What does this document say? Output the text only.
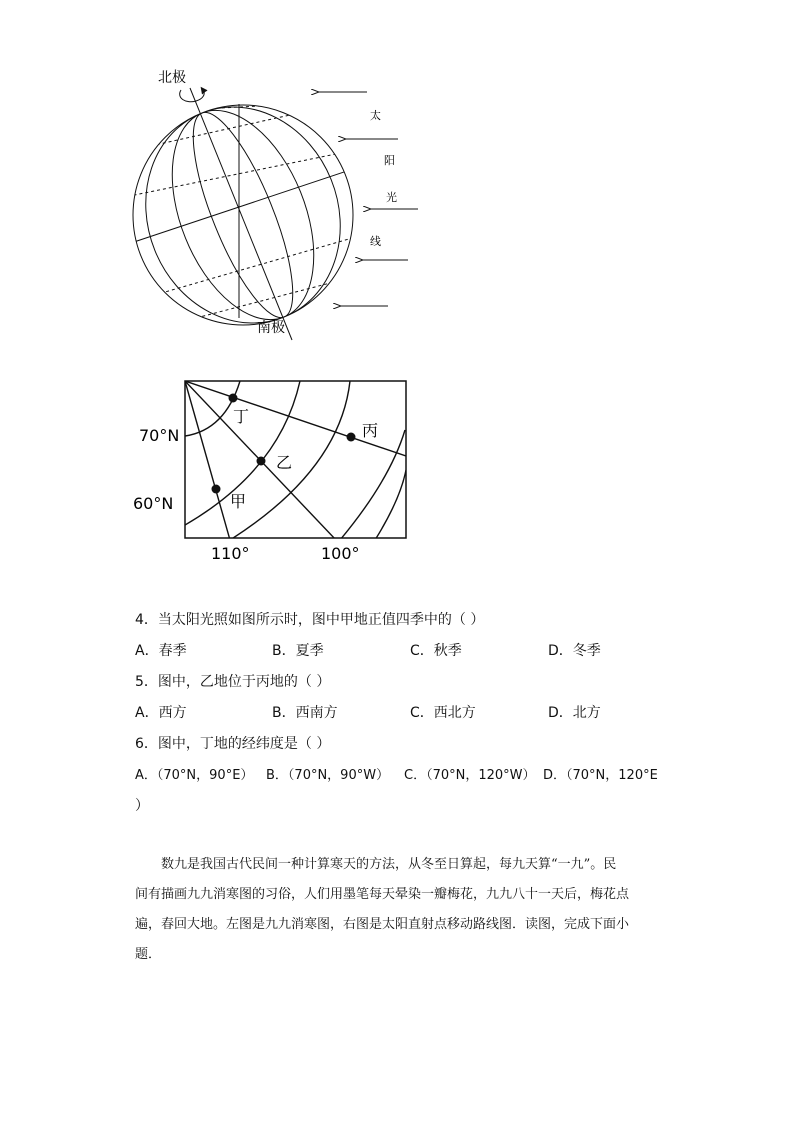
北极
南极
太
阳
光
线
丁
丙
乙
甲
70°N
60°N
110°	100°
4．当太阳光照如图所示时，图中甲地正值四季中的（ ）
A．春季	B．夏季	C．秋季	D．冬季
5．图中，乙地位于丙地的（ ）
A．西方	B．西南方	C．西北方	D．北方
6．图中，丁地的经纬度是（ ）
A．（70°N，90°E） B．（70°N，90°W） C．（70°N，120°W） D．（70°N，120°E
）
数九是我国古代民间一种计算寒天的方法，从冬至日算起，每九天算“一九”。民
间有描画九九消寒图的习俗，人们用墨笔每天晕染一瓣梅花，九九八十一天后，梅花点
遍，春回大地。左图是九九消寒图，右图是太阳直射点移动路线图．读图，完成下面小
题．
